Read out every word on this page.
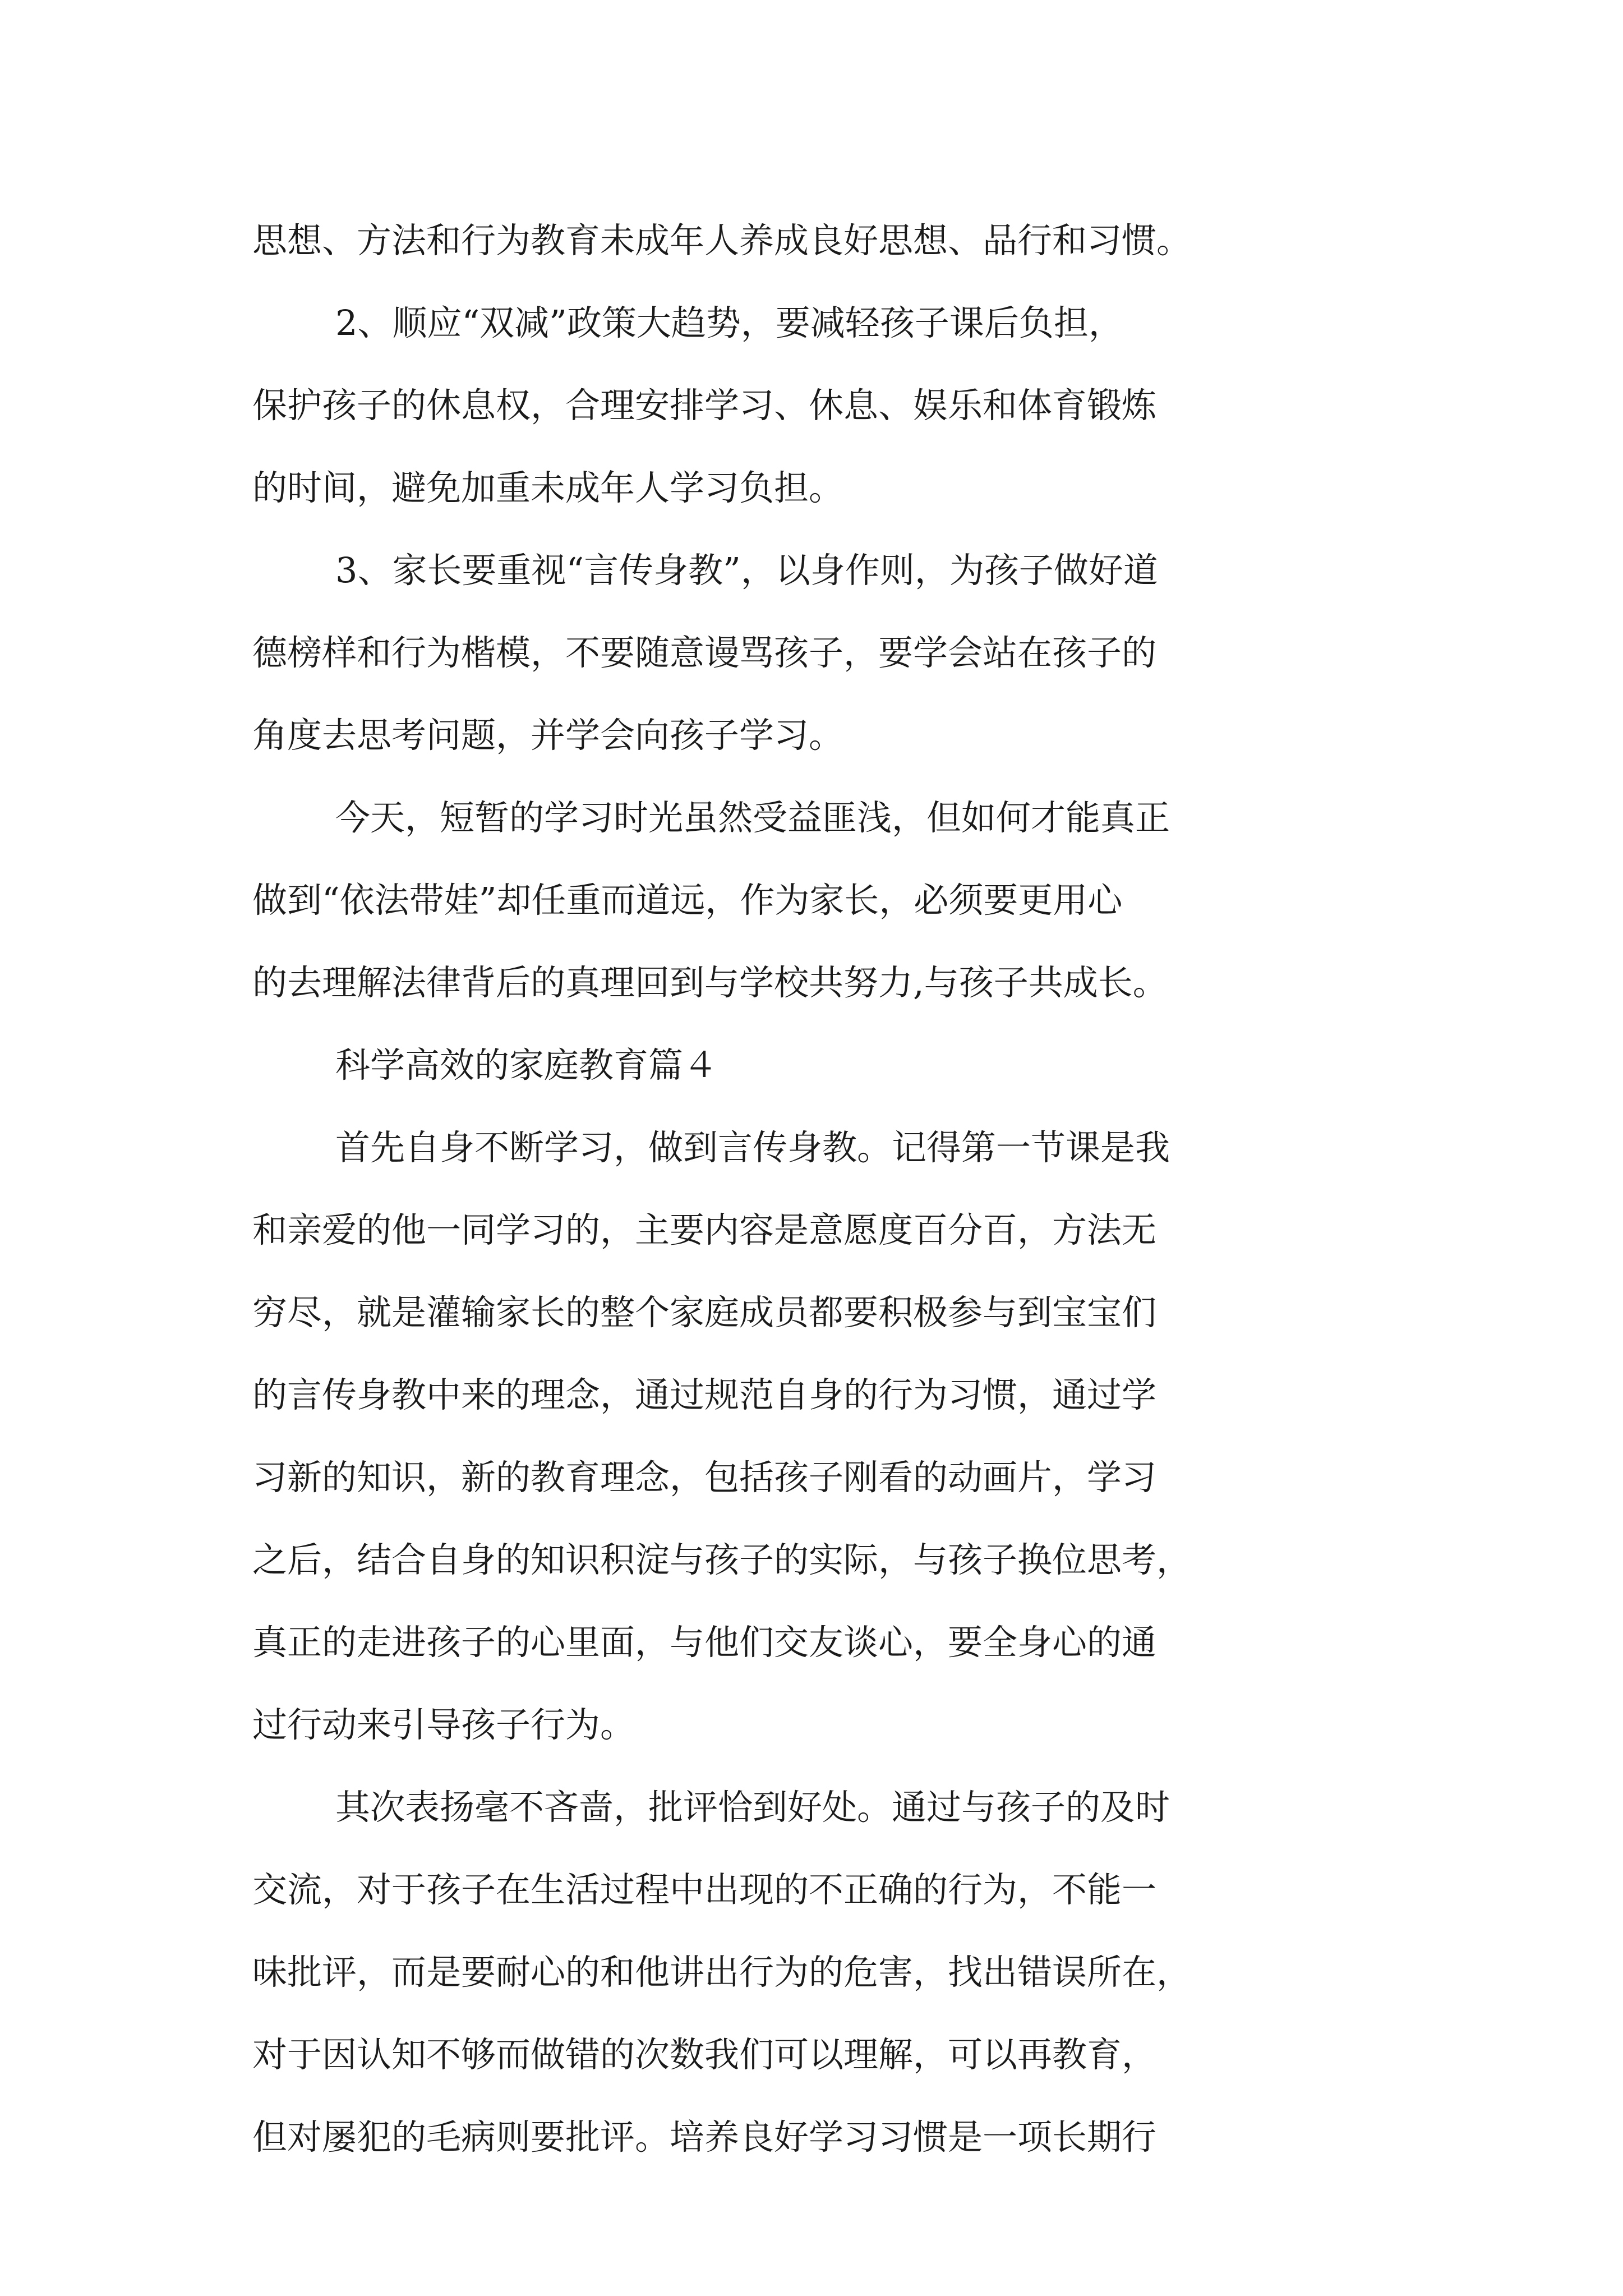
思想、方法和行为教育未成年人养成良好思想、品行和习惯。
2、顺应“双减”政策大趋势，要减轻孩子课后负担，
保护孩子的休息权，合理安排学习、休息、娱乐和体育锻炼
的时间，避免加重未成年人学习负担。
3、家长要重视“言传身教”，以身作则，为孩子做好道
德榜样和行为楷模，不要随意谩骂孩子，要学会站在孩子的
角度去思考问题，并学会向孩子学习。
今天，短暂的学习时光虽然受益匪浅，但如何才能真正
做到“依法带娃”却任重而道远，作为家长，必须要更用心
的去理解法律背后的真理回到与学校共努力,与孩子共成长。
科学高效的家庭教育篇４
首先自身不断学习，做到言传身教。记得第一节课是我
和亲爱的他一同学习的，主要内容是意愿度百分百，方法无
穷尽，就是灌输家长的整个家庭成员都要积极参与到宝宝们
的言传身教中来的理念，通过规范自身的行为习惯，通过学
习新的知识，新的教育理念，包括孩子刚看的动画片，学习
之后，结合自身的知识积淀与孩子的实际，与孩子换位思考，
真正的走进孩子的心里面，与他们交友谈心，要全身心的通
过行动来引导孩子行为。
其次表扬毫不吝啬，批评恰到好处。通过与孩子的及时
交流，对于孩子在生活过程中出现的不正确的行为，不能一
味批评，而是要耐心的和他讲出行为的危害，找出错误所在，
对于因认知不够而做错的次数我们可以理解，可以再教育，
但对屡犯的毛病则要批评。培养良好学习习惯是一项长期行
